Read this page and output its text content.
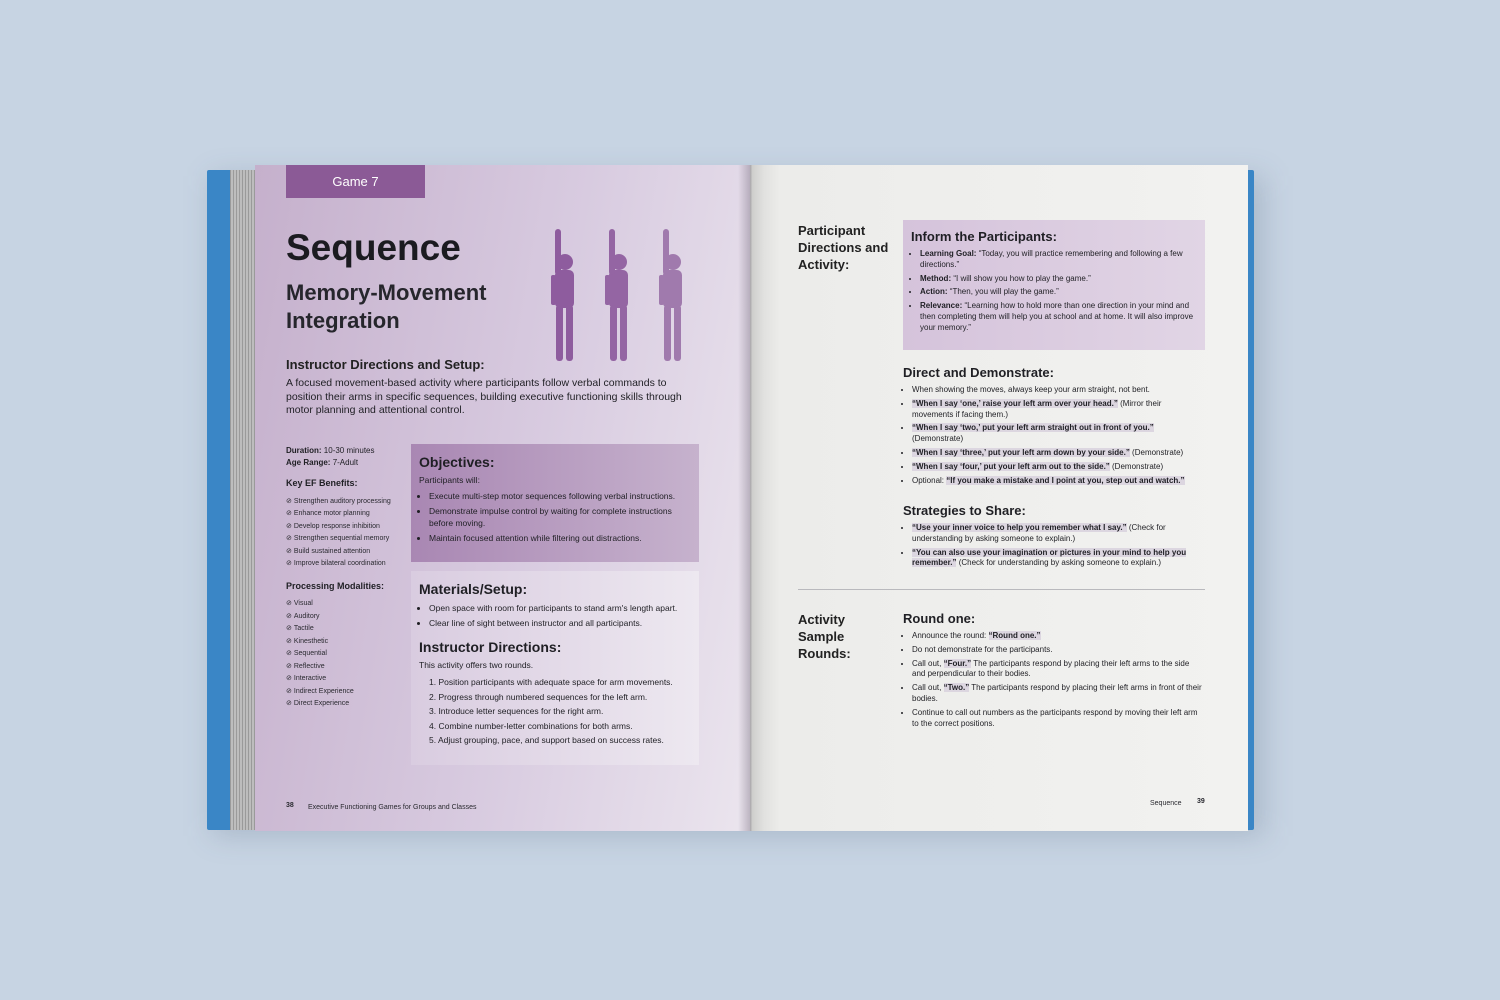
Game 7
Sequence
Memory-Movement Integration
Instructor Directions and Setup:
A focused movement-based activity where participants follow verbal commands to position their arms in specific sequences, building executive functioning skills through motor planning and attentional control.
Duration: 10-30 minutes
Age Range: 7-Adult
Key EF Benefits:
⊘ Strengthen auditory processing
⊘ Enhance motor planning
⊘ Develop response inhibition
⊘ Strengthen sequential memory
⊘ Build sustained attention
⊘ Improve bilateral coordination
Processing Modalities:
⊘ Visual
⊘ Auditory
⊘ Tactile
⊘ Kinesthetic
⊘ Sequential
⊘ Reflective
⊘ Interactive
⊘ Indirect Experience
⊘ Direct Experience
Objectives:
Participants will:
• Execute multi-step motor sequences following verbal instructions.
• Demonstrate impulse control by waiting for complete instructions before moving.
• Maintain focused attention while filtering out distractions.
Materials/Setup:
• Open space with room for participants to stand arm's length apart.
• Clear line of sight between instructor and all participants.
Instructor Directions:
This activity offers two rounds.
1. Position participants with adequate space for arm movements.
2. Progress through numbered sequences for the left arm.
3. Introduce letter sequences for the right arm.
4. Combine number-letter combinations for both arms.
5. Adjust grouping, pace, and support based on success rates.
38 Executive Functioning Games for Groups and Classes
Participant Directions and Activity:
Inform the Participants:
• Learning Goal: “Today, you will practice remembering and following a few directions.”
• Method: “I will show you how to play the game.”
• Action: “Then, you will play the game.”
• Relevance: “Learning how to hold more than one direction in your mind and then completing them will help you at school and at home. It will also improve your memory.”
Direct and Demonstrate:
• When showing the moves, always keep your arm straight, not bent.
• “When I say ‘one,’ raise your left arm over your head.” (Mirror their movements if facing them.)
• “When I say ‘two,’ put your left arm straight out in front of you.” (Demonstrate)
• “When I say ‘three,’ put your left arm down by your side.” (Demonstrate)
• “When I say ‘four,’ put your left arm out to the side.” (Demonstrate)
• Optional: “If you make a mistake and I point at you, step out and watch.”
Strategies to Share:
• “Use your inner voice to help you remember what I say.” (Check for understanding by asking someone to explain.)
• “You can also use your imagination or pictures in your mind to help you remember.” (Check for understanding by asking someone to explain.)
Activity Sample Rounds:
Round one:
• Announce the round: “Round one.”
• Do not demonstrate for the participants.
• Call out, “Four.” The participants respond by placing their left arms to the side and perpendicular to their bodies.
• Call out, “Two.” The participants respond by placing their left arms in front of their bodies.
• Continue to call out numbers as the participants respond by moving their left arm to the correct positions.
Sequence 39
